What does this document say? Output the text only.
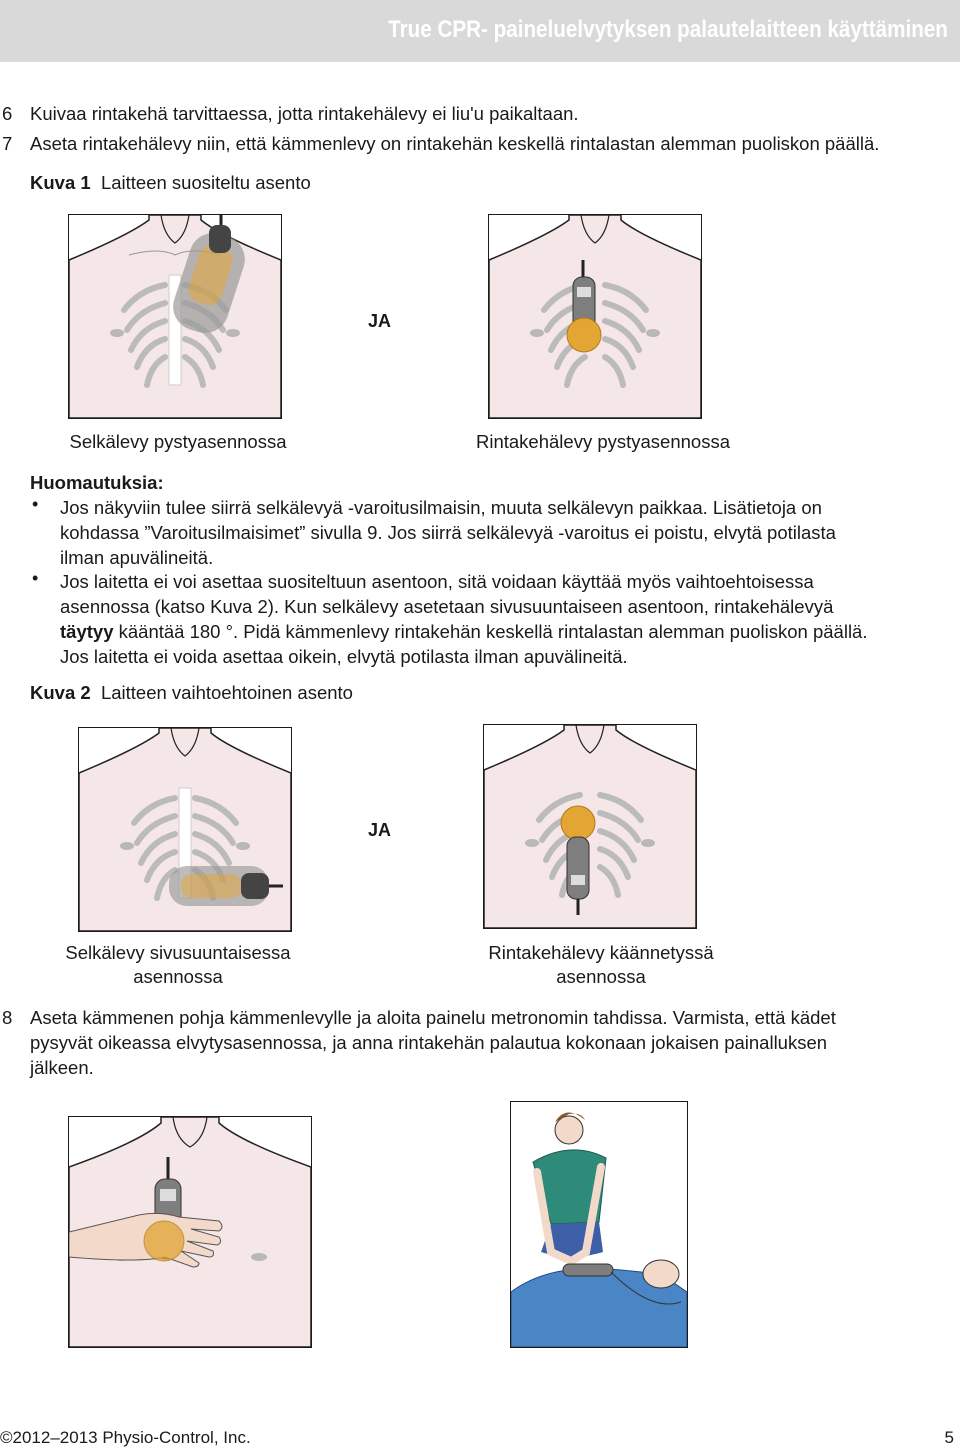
True CPR- paineluelvytyksen palautelaitteen käyttäminen
6 Kuivaa rintakehä tarvittaessa, jotta rintakehälevy ei liu'u paikaltaan.
7 Aseta rintakehälevy niin, että kämmenlevy on rintakehän keskellä rintalastan alemman puoliskon päällä.
Kuva 1 Laitteen suositeltu asento
JA
Selkälevy pystyasennossa	Rintakehälevy pystyasennossa
Huomautuksia:
• Jos näkyviin tulee siirrä selkälevyä -varoitusilmaisin, muuta selkälevyn paikkaa. Lisätietoja on
kohdassa ”Varoitusilmaisimet” sivulla 9. Jos siirrä selkälevyä -varoitus ei poistu, elvytä potilasta
ilman apuvälineitä.
• Jos laitetta ei voi asettaa suositeltuun asentoon, sitä voidaan käyttää myös vaihtoehtoisessa
asennossa (katso Kuva 2). Kun selkälevy asetetaan sivusuuntaiseen asentoon, rintakehälevyä
täytyy kääntää 180 °. Pidä kämmenlevy rintakehän keskellä rintalastan alemman puoliskon päällä.
Jos laitetta ei voida asettaa oikein, elvytä potilasta ilman apuvälineitä.
Kuva 2 Laitteen vaihtoehtoinen asento
JA
Selkälevy sivusuuntaisessa
asennossa
Rintakehälevy käännetyssä
asennossa
8 Aseta kämmenen pohja kämmenlevylle ja aloita painelu metronomin tahdissa. Varmista, että kädet
pysyvät oikeassa elvytysasennossa, ja anna rintakehän palautua kokonaan jokaisen painalluksen
jälkeen.
©2012–2013 Physio-Control, Inc.	5
